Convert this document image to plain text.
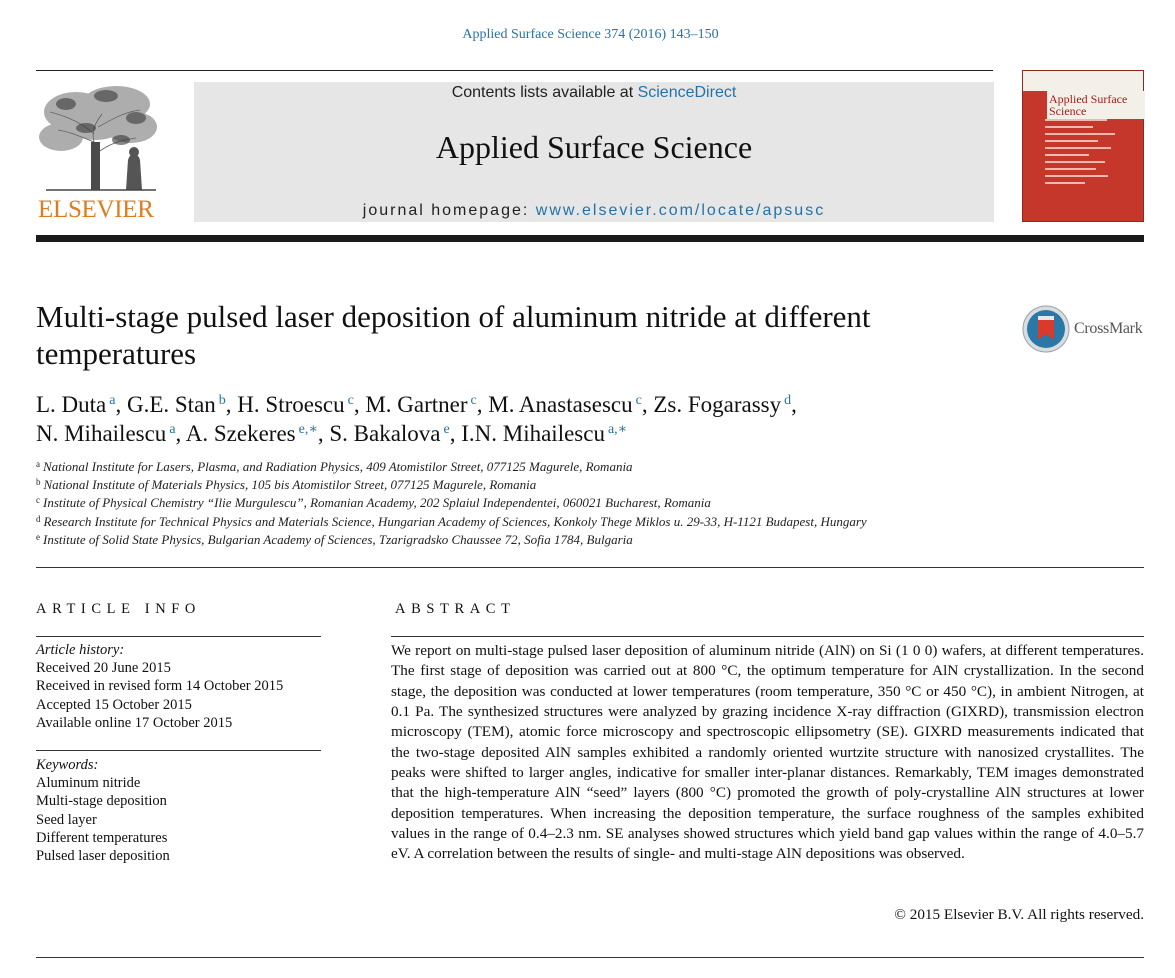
Applied Surface Science 374 (2016) 143–150
ELSEVIER
Contents lists available at ScienceDirect
Applied Surface Science
journal homepage: www.elsevier.com/locate/apsusc
Applied Surface Science
Multi-stage pulsed laser deposition of aluminum nitride at different temperatures
CrossMark
L. Duta $^a$, G.E. Stan $^b$, H. Stroescu $^c$, M. Gartner $^c$, M. Anastasescu $^c$, Zs. Fogarassy $^d$,
N. Mihailescu $^a$, A. Szekeres $^{e,∗}$, S. Bakalova $^e$, I.N. Mihailescu $^{a,∗}$
$^a$ National Institute for Lasers, Plasma, and Radiation Physics, 409 Atomistilor Street, 077125 Magurele, Romania
$^b$ National Institute of Materials Physics, 105 bis Atomistilor Street, 077125 Magurele, Romania
$^c$ Institute of Physical Chemistry “Ilie Murgulescu”, Romanian Academy, 202 Splaiul Independentei, 060021 Bucharest, Romania
$^d$ Research Institute for Technical Physics and Materials Science, Hungarian Academy of Sciences, Konkoly Thege Miklos u. 29-33, H-1121 Budapest, Hungary
$^e$ Institute of Solid State Physics, Bulgarian Academy of Sciences, Tzarigradsko Chaussee 72, Sofia 1784, Bulgaria
ARTICLE INFO
Article history:
Received 20 June 2015
Received in revised form 14 October 2015
Accepted 15 October 2015
Available online 17 October 2015
Keywords:
Aluminum nitride
Multi-stage deposition
Seed layer
Different temperatures
Pulsed laser deposition
ABSTRACT
We report on multi-stage pulsed laser deposition of aluminum nitride (AlN) on Si (1 0 0) wafers, at different temperatures. The first stage of deposition was carried out at 800 °C, the optimum temperature for AlN crystallization. In the second stage, the deposition was conducted at lower temperatures (room temperature, 350 °C or 450 °C), in ambient Nitrogen, at 0.1 Pa. The synthesized structures were analyzed by grazing incidence X-ray diffraction (GIXRD), transmission electron microscopy (TEM), atomic force microscopy and spectroscopic ellipsometry (SE). GIXRD measurements indicated that the two-stage deposited AlN samples exhibited a randomly oriented wurtzite structure with nanosized crystallites. The peaks were shifted to larger angles, indicative for smaller inter-planar distances. Remarkably, TEM images demonstrated that the high-temperature AlN “seed” layers (800 °C) promoted the growth of poly-crystalline AlN structures at lower deposition temperatures. When increasing the deposition temperature, the surface roughness of the samples exhibited values in the range of 0.4–2.3 nm. SE analyses showed structures which yield band gap values within the range of 4.0–5.7 eV. A correlation between the results of single- and multi-stage AlN depositions was observed.
© 2015 Elsevier B.V. All rights reserved.
